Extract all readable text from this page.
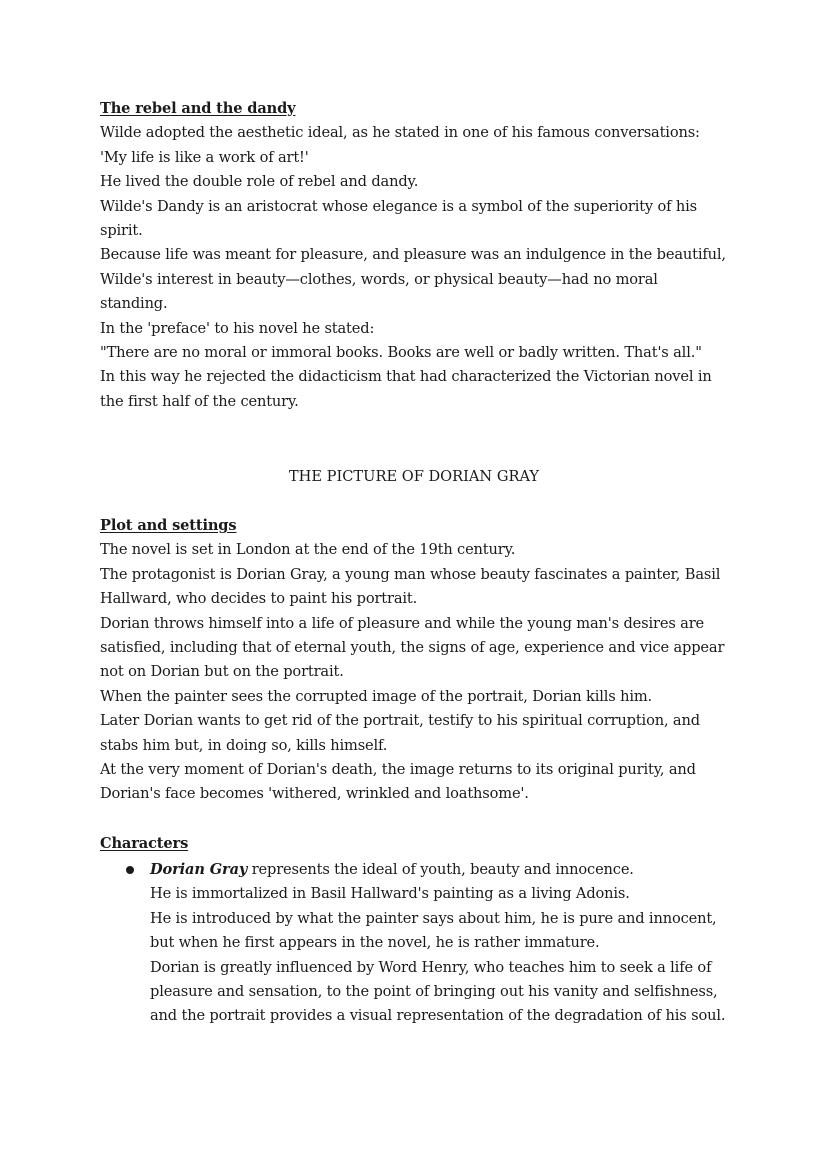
The rebel and the dandy
Wilde adopted the aesthetic ideal, as he stated in one of his famous conversations:
'My life is like a work of art!'
He lived the double role of rebel and dandy.
Wilde's Dandy is an aristocrat whose elegance is a symbol of the superiority of his
spirit.
Because life was meant for pleasure, and pleasure was an indulgence in the beautiful,
Wilde's interest in beauty—clothes, words, or physical beauty—had no moral
standing.
In the 'preface' to his novel he stated:
"There are no moral or immoral books. Books are well or badly written. That's all."
In this way he rejected the didacticism that had characterized the Victorian novel in
the first half of the century.
THE PICTURE OF DORIAN GRAY
Plot and settings
The novel is set in London at the end of the 19th century.
The protagonist is Dorian Gray, a young man whose beauty fascinates a painter, Basil
Hallward, who decides to paint his portrait.
Dorian throws himself into a life of pleasure and while the young man's desires are
satisfied, including that of eternal youth, the signs of age, experience and vice appear
not on Dorian but on the portrait.
When the painter sees the corrupted image of the portrait, Dorian kills him.
Later Dorian wants to get rid of the portrait, testify to his spiritual corruption, and
stabs him but, in doing so, kills himself.
At the very moment of Dorian's death, the image returns to its original purity, and
Dorian's face becomes 'withered, wrinkled and loathsome'.
Characters
Dorian Gray represents the ideal of youth, beauty and innocence.
He is immortalized in Basil Hallward's painting as a living Adonis.
He is introduced by what the painter says about him, he is pure and innocent,
but when he first appears in the novel, he is rather immature.
Dorian is greatly influenced by Word Henry, who teaches him to seek a life of
pleasure and sensation, to the point of bringing out his vanity and selfishness,
and the portrait provides a visual representation of the degradation of his soul.
